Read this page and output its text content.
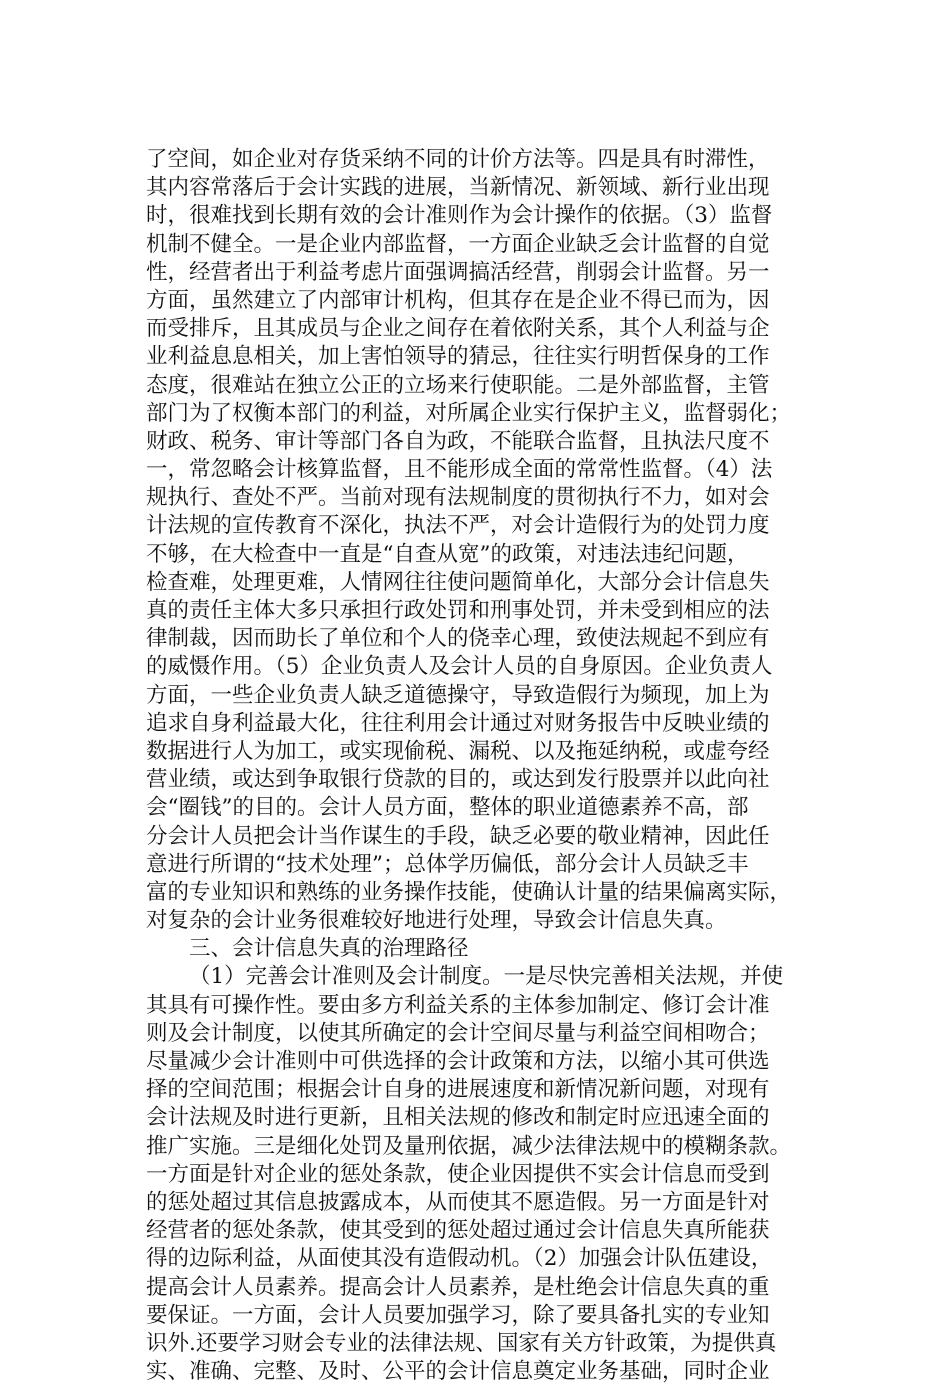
了空间，如企业对存货采纳不同的计价方法等。四是具有时滞性，
其内容常落后于会计实践的进展，当新情况、新领域、新行业出现
时，很难找到长期有效的会计准则作为会计操作的依据。（3）监督
机制不健全。一是企业内部监督，一方面企业缺乏会计监督的自觉
性，经营者出于利益考虑片面强调搞活经营，削弱会计监督。另一
方面，虽然建立了内部审计机构，但其存在是企业不得已而为，因
而受排斥，且其成员与企业之间存在着依附关系，其个人利益与企
业利益息息相关，加上害怕领导的猜忌，往往实行明哲保身的工作
态度，很难站在独立公正的立场来行使职能。二是外部监督，主管
部门为了权衡本部门的利益，对所属企业实行保护主义，监督弱化；
财政、税务、审计等部门各自为政，不能联合监督，且执法尺度不
一，常忽略会计核算监督，且不能形成全面的常常性监督。（4）法
规执行、查处不严。当前对现有法规制度的贯彻执行不力，如对会
计法规的宣传教育不深化，执法不严，对会计造假行为的处罚力度
不够，在大检查中一直是“自查从宽”的政策，对违法违纪问题，
检查难，处理更难，人情网往往使问题简单化，大部分会计信息失
真的责任主体大多只承担行政处罚和刑事处罚，并未受到相应的法
律制裁，因而助长了单位和个人的侥幸心理，致使法规起不到应有
的威慑作用。（5）企业负责人及会计人员的自身原因。企业负责人
方面，一些企业负责人缺乏道德操守，导致造假行为频现，加上为
追求自身利益最大化，往往利用会计通过对财务报告中反映业绩的
数据进行人为加工，或实现偷税、漏税、以及拖延纳税，或虚夸经
营业绩，或达到争取银行贷款的目的，或达到发行股票并以此向社
会“圈钱”的目的。会计人员方面，整体的职业道德素养不高，部
分会计人员把会计当作谋生的手段，缺乏必要的敬业精神，因此任
意进行所谓的“技术处理”；总体学历偏低，部分会计人员缺乏丰
富的专业知识和熟练的业务操作技能，使确认计量的结果偏离实际，
对复杂的会计业务很难较好地进行处理，导致会计信息失真。
三、会计信息失真的治理路径
（1）完善会计准则及会计制度。一是尽快完善相关法规，并使
其具有可操作性。要由多方利益关系的主体参加制定、修订会计准
则及会计制度，以使其所确定的会计空间尽量与利益空间相吻合；
尽量减少会计准则中可供选择的会计政策和方法，以缩小其可供选
择的空间范围；根据会计自身的进展速度和新情况新问题，对现有
会计法规及时进行更新，且相关法规的修改和制定时应迅速全面的
推广实施。三是细化处罚及量刑依据，减少法律法规中的模糊条款。
一方面是针对企业的惩处条款，使企业因提供不实会计信息而受到
的惩处超过其信息披露成本，从而使其不愿造假。另一方面是针对
经营者的惩处条款，使其受到的惩处超过通过会计信息失真所能获
得的边际利益，从面使其没有造假动机。（2）加强会计队伍建设，
提高会计人员素养。提高会计人员素养，是杜绝会计信息失真的重
要保证。一方面，会计人员要加强学习，除了要具备扎实的专业知
识外.还要学习财会专业的法律法规、国家有关方针政策，为提供真
实、准确、完整、及时、公平的会计信息奠定业务基础，同时企业
